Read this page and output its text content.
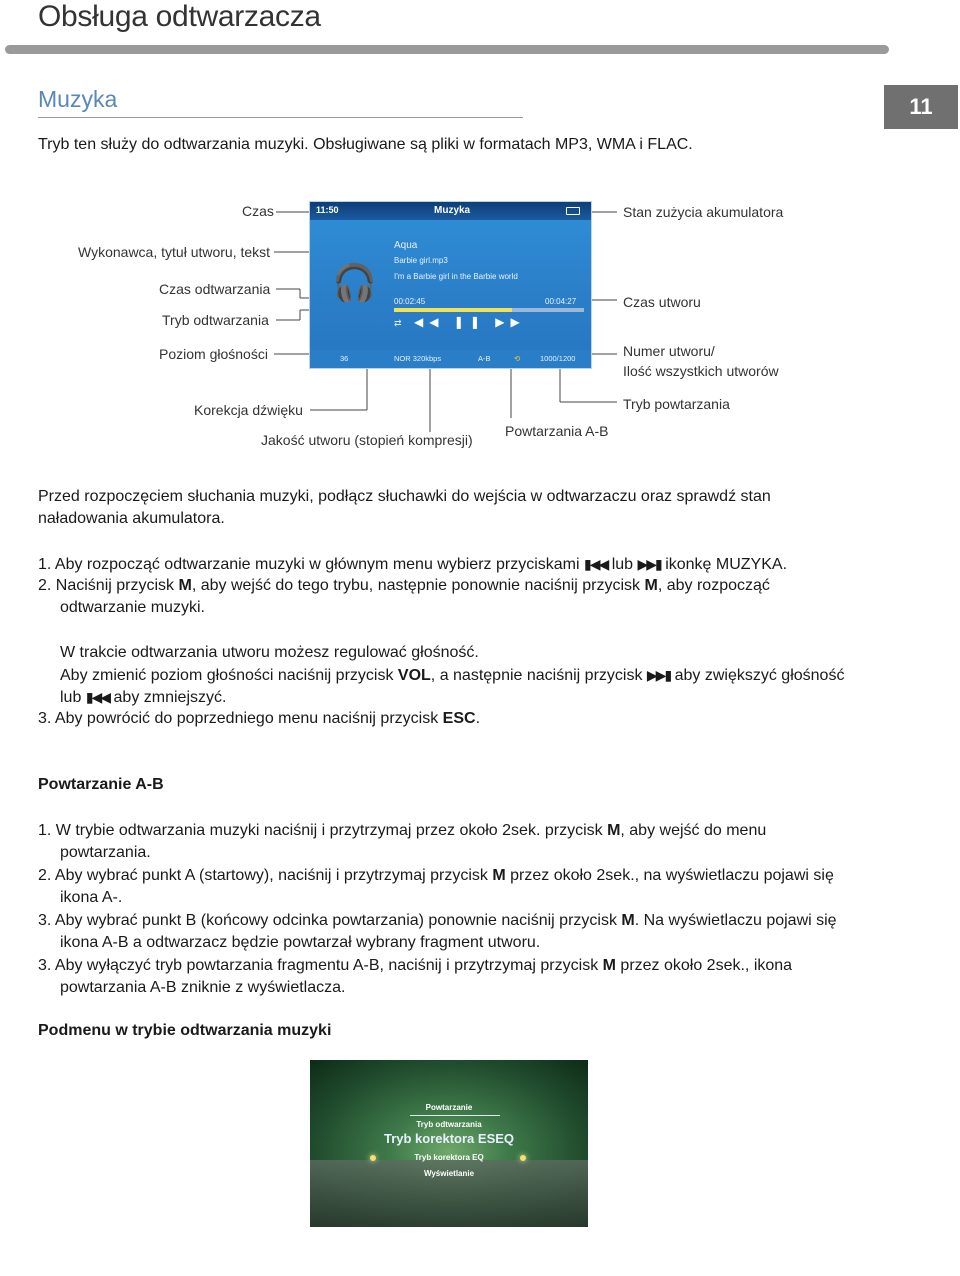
Obsługa odtwarzacza
11
Muzyka
Tryb ten służy do odtwarzania muzyki. Obsługiwane są pliki w formatach MP3, WMA i FLAC.
Czas
Wykonawca, tytuł utworu, tekst
Czas odtwarzania
Tryb odtwarzania
Poziom głośności
Korekcja dźwięku
Jakość utworu (stopień kompresji)
Powtarzania A-B
Stan zużycia akumulatora
Czas utworu
Numer utworu/
Ilość wszystkich utworów
Tryb powtarzania
11:50	Muzyka
🎧
Aqua
Barbie girl.mp3
I'm a Barbie girl in the Barbie world
00:02:45	00:04:27
⇄ ◀◀ ❚❚ ▶▶
36	NOR 320kbps	A-B	⟲	1000/1200
Przed rozpoczęciem słuchania muzyki, podłącz słuchawki do wejścia w odtwarzaczu oraz sprawdź stan
naładowania akumulatora.
1. Aby rozpocząć odtwarzanie muzyki w głównym menu wybierz przyciskami ▮◀◀ lub ▶▶▮ ikonkę MUZYKA.
2. Naciśnij przycisk M, aby wejść do tego trybu, następnie ponownie naciśnij przycisk M, aby rozpocząć
odtwarzanie muzyki.
W trakcie odtwarzania utworu możesz regulować głośność.
Aby zmienić poziom głośności naciśnij przycisk VOL, a następnie naciśnij przycisk ▶▶▮ aby zwiększyć głośność
lub ▮◀◀ aby zmniejszyć.
3. Aby powrócić do poprzedniego menu naciśnij przycisk ESC.
Powtarzanie A-B
1. W trybie odtwarzania muzyki naciśnij i przytrzymaj przez około 2sek. przycisk M, aby wejść do menu
powtarzania.
2. Aby wybrać punkt A (startowy), naciśnij i przytrzymaj przycisk M przez około 2sek., na wyświetlaczu pojawi się
ikona A-.
3. Aby wybrać punkt B (końcowy odcinka powtarzania) ponownie naciśnij przycisk M. Na wyświetlaczu pojawi się
ikona A-B a odtwarzacz będzie powtarzał wybrany fragment utworu.
3. Aby wyłączyć tryb powtarzania fragmentu A-B, naciśnij i przytrzymaj przycisk M przez około 2sek., ikona
powtarzania A-B zniknie z wyświetlacza.
Podmenu w trybie odtwarzania muzyki
Powtarzanie
Tryb odtwarzania
Tryb korektora ESEQ
Tryb korektora EQ
Wyświetlanie
